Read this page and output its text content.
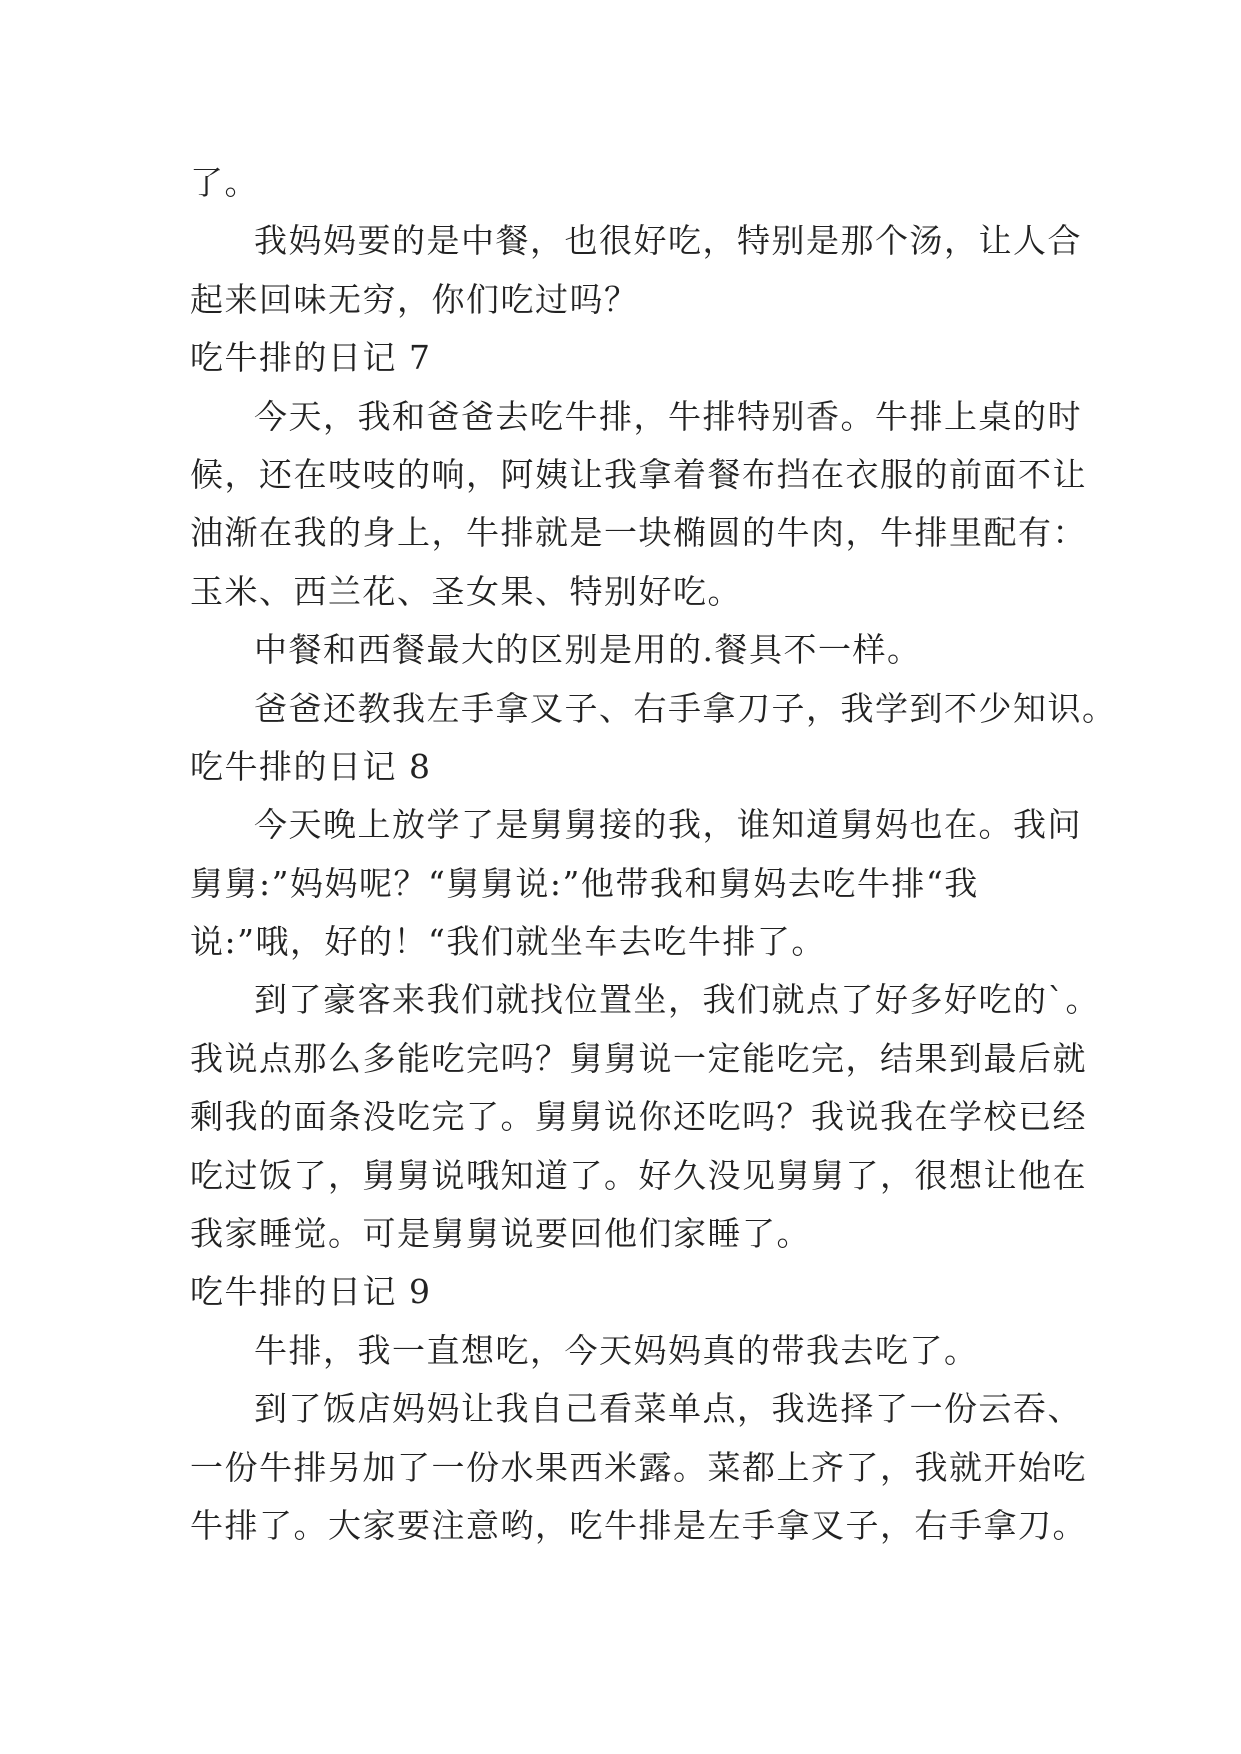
了。
我妈妈要的是中餐，也很好吃，特别是那个汤，让人合
起来回味无穷，你们吃过吗？
吃牛排的日记 7
今天，我和爸爸去吃牛排，牛排特别香。牛排上桌的时
候，还在吱吱的响，阿姨让我拿着餐布挡在衣服的前面不让
油渐在我的身上，牛排就是一块椭圆的牛肉，牛排里配有：
玉米、西兰花、圣女果、特别好吃。
中餐和西餐最大的区别是用的.餐具不一样。
爸爸还教我左手拿叉子、右手拿刀子，我学到不少知识。
吃牛排的日记 8
今天晚上放学了是舅舅接的我，谁知道舅妈也在。我问
舅舅:”妈妈呢？“舅舅说:”他带我和舅妈去吃牛排“我
说:”哦，好的！“我们就坐车去吃牛排了。
到了豪客来我们就找位置坐，我们就点了好多好吃的`。
我说点那么多能吃完吗？舅舅说一定能吃完，结果到最后就
剩我的面条没吃完了。舅舅说你还吃吗？我说我在学校已经
吃过饭了，舅舅说哦知道了。好久没见舅舅了，很想让他在
我家睡觉。可是舅舅说要回他们家睡了。
吃牛排的日记 9
牛排，我一直想吃，今天妈妈真的带我去吃了。
到了饭店妈妈让我自己看菜单点，我选择了一份云吞、
一份牛排另加了一份水果西米露。菜都上齐了，我就开始吃
牛排了。大家要注意哟，吃牛排是左手拿叉子，右手拿刀。
